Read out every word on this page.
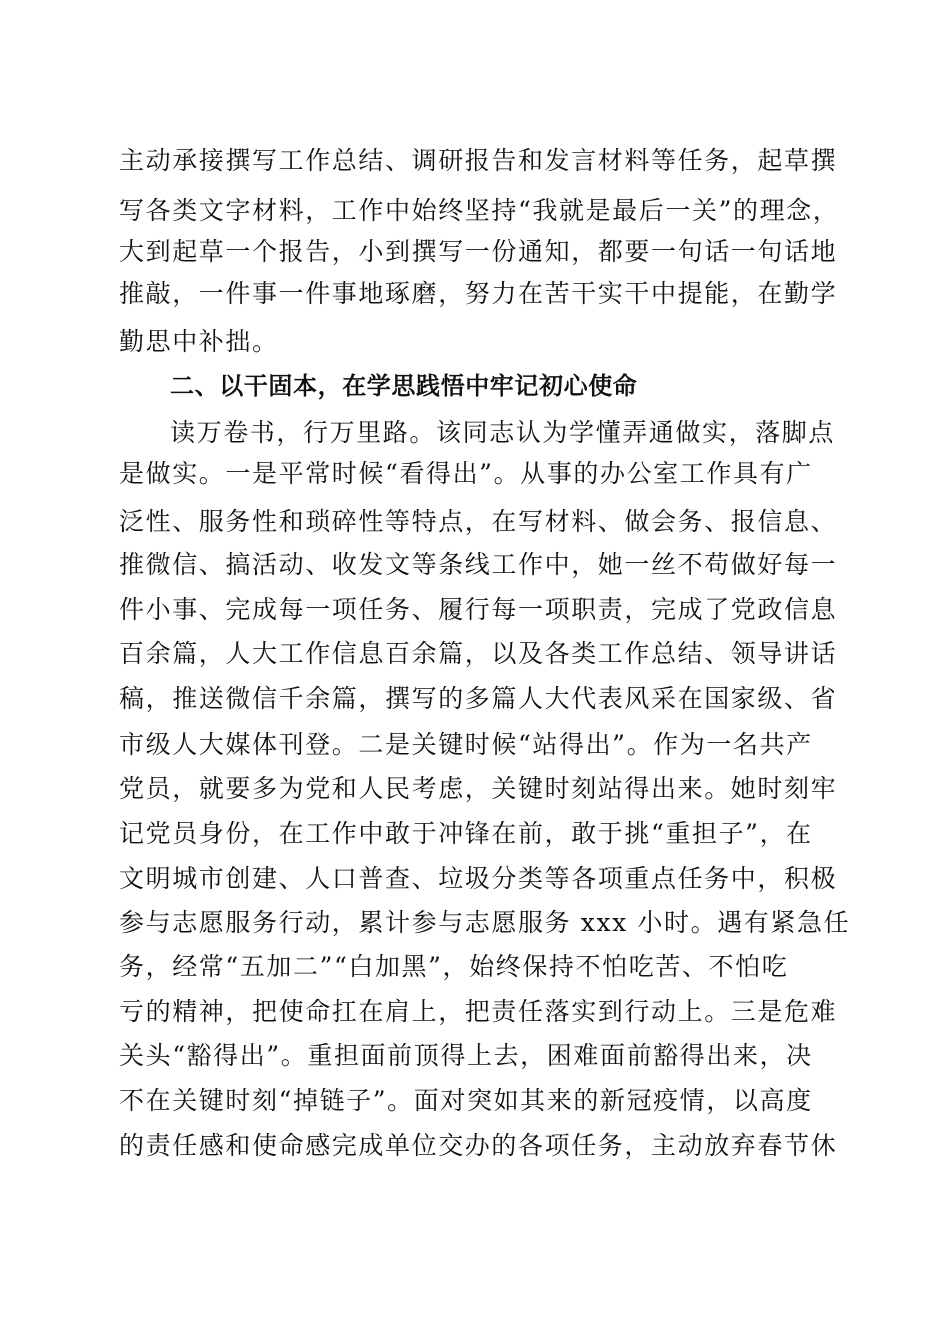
主动承接撰写工作总结、调研报告和发言材料等任务，起草撰
写各类文字材料，工作中始终坚持“我就是最后一关”的理念，
大到起草一个报告，小到撰写一份通知，都要一句话一句话地
推敲，一件事一件事地琢磨，努力在苦干实干中提能，在勤学
勤思中补拙。
二、以干固本，在学思践悟中牢记初心使命
读万卷书，行万里路。该同志认为学懂弄通做实，落脚点
是做实。一是平常时候“看得出”。从事的办公室工作具有广
泛性、服务性和琐碎性等特点，在写材料、做会务、报信息、
推微信、搞活动、收发文等条线工作中，她一丝不苟做好每一
件小事、完成每一项任务、履行每一项职责，完成了党政信息
百余篇，人大工作信息百余篇，以及各类工作总结、领导讲话
稿，推送微信千余篇，撰写的多篇人大代表风采在国家级、省
市级人大媒体刊登。二是关键时候“站得出”。作为一名共产
党员，就要多为党和人民考虑，关键时刻站得出来。她时刻牢
记党员身份，在工作中敢于冲锋在前，敢于挑“重担子”，在
文明城市创建、人口普查、垃圾分类等各项重点任务中，积极
参与志愿服务行动，累计参与志愿服务 xxx 小时。遇有紧急任
务，经常“五加二”“白加黑”，始终保持不怕吃苦、不怕吃
亏的精神，把使命扛在肩上，把责任落实到行动上。三是危难
关头“豁得出”。重担面前顶得上去，困难面前豁得出来，决
不在关键时刻“掉链子”。面对突如其来的新冠疫情，以高度
的责任感和使命感完成单位交办的各项任务，主动放弃春节休
